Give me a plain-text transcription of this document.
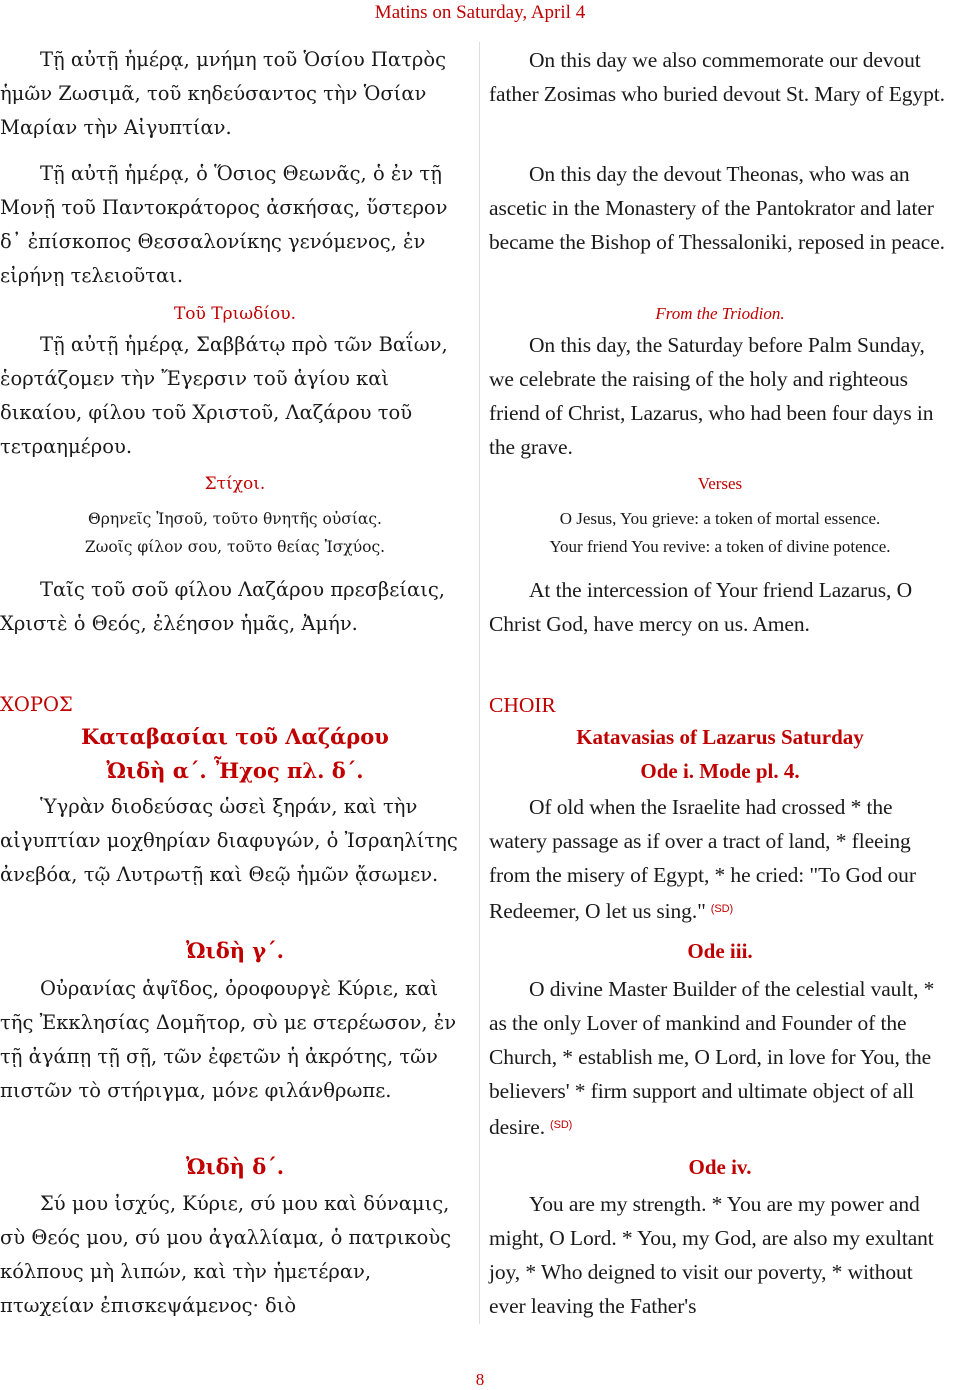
Matins on Saturday, April 4

Τῇ αὐτῇ ἡμέρᾳ, μνήμη τοῦ Ὁσίου Πατρὸς ἡμῶν Ζωσιμᾶ, τοῦ κηδεύσαντος τὴν Ὁσίαν Μαρίαν τὴν Αἰγυπτίαν.

Τῇ αὐτῇ ἡμέρᾳ, ὁ Ὅσιος Θεωνᾶς, ὁ ἐν τῇ Μονῇ τοῦ Παντοκράτορος ἀσκήσας, ὕστερον δ᾽ ἐπίσκοπος Θεσσαλονίκης γενόμενος, ἐν εἰρήνῃ τελειοῦται.

Τοῦ Τριωδίου.

Τῇ αὐτῇ ἡμέρᾳ, Σαββάτῳ πρὸ τῶν Βαΐων, ἑορτάζομεν τὴν Ἔγερσιν τοῦ ἁγίου καὶ δικαίου, φίλου τοῦ Χριστοῦ, Λαζάρου τοῦ τετραημέρου.

Στίχοι.
Θρηνεῖς Ἰησοῦ, τοῦτο θνητῆς οὐσίας.
Ζωοῖς φίλον σου, τοῦτο θείας Ἰσχύος.

Ταῖς τοῦ σοῦ φίλου Λαζάρου πρεσβείαις, Χριστὲ ὁ Θεός, ἐλέησον ἡμᾶς, Ἀμήν.

ΧΟΡΟΣ
Καταβασίαι τοῦ Λαζάρου
Ὠιδὴ α΄. Ἦχος πλ. δ΄.

Ὑγρὰν διοδεύσας ὡσεὶ ξηράν, καὶ τὴν αἰγυπτίαν μοχθηρίαν διαφυγών, ὁ Ἰσραηλίτης ἀνεβόα, τῷ Λυτρωτῇ καὶ Θεῷ ἡμῶν ᾄσωμεν.

Ὠιδὴ γ΄.

Οὐρανίας ἁψῖδος, ὀροφουργὲ Κύριε, καὶ τῆς Ἐκκλησίας Δομῆτορ, σὺ με στερέωσον, ἐν τῇ ἀγάπῃ τῇ σῇ, τῶν ἐφετῶν ἡ ἀκρότης, τῶν πιστῶν τὸ στήριγμα, μόνε φιλάνθρωπε.

Ὠιδὴ δ΄.

Σύ μου ἰσχύς, Κύριε, σύ μου καὶ δύναμις, σὺ Θεός μου, σύ μου ἀγαλλίαμα, ὁ πατρικοὺς κόλπους μὴ λιπών, καὶ τὴν ἡμετέραν, πτωχείαν ἐπισκεψάμενος· διὸ

On this day we also commemorate our devout father Zosimas who buried devout St. Mary of Egypt.

On this day the devout Theonas, who was an ascetic in the Monastery of the Pantokrator and later became the Bishop of Thessaloniki, reposed in peace.

From the Triodion.

On this day, the Saturday before Palm Sunday, we celebrate the raising of the holy and righteous friend of Christ, Lazarus, who had been four days in the grave.

Verses
O Jesus, You grieve: a token of mortal essence.
Your friend You revive: a token of divine potence.

At the intercession of Your friend Lazarus, O Christ God, have mercy on us. Amen.

CHOIR
Katavasias of Lazarus Saturday
Ode i. Mode pl. 4.

Of old when the Israelite had crossed * the watery passage as if over a tract of land, * fleeing from the misery of Egypt, * he cried: "To God our Redeemer, O let us sing." $^{(SD)}$

Ode iii.

O divine Master Builder of the celestial vault, * as the only Lover of mankind and Founder of the Church, * establish me, O Lord, in love for You, the believers' * firm support and ultimate object of all desire. $^{(SD)}$

Ode iv.

You are my strength. * You are my power and might, O Lord. * You, my God, are also my exultant joy, * Who deigned to visit our poverty, * without ever leaving the Father's

8
